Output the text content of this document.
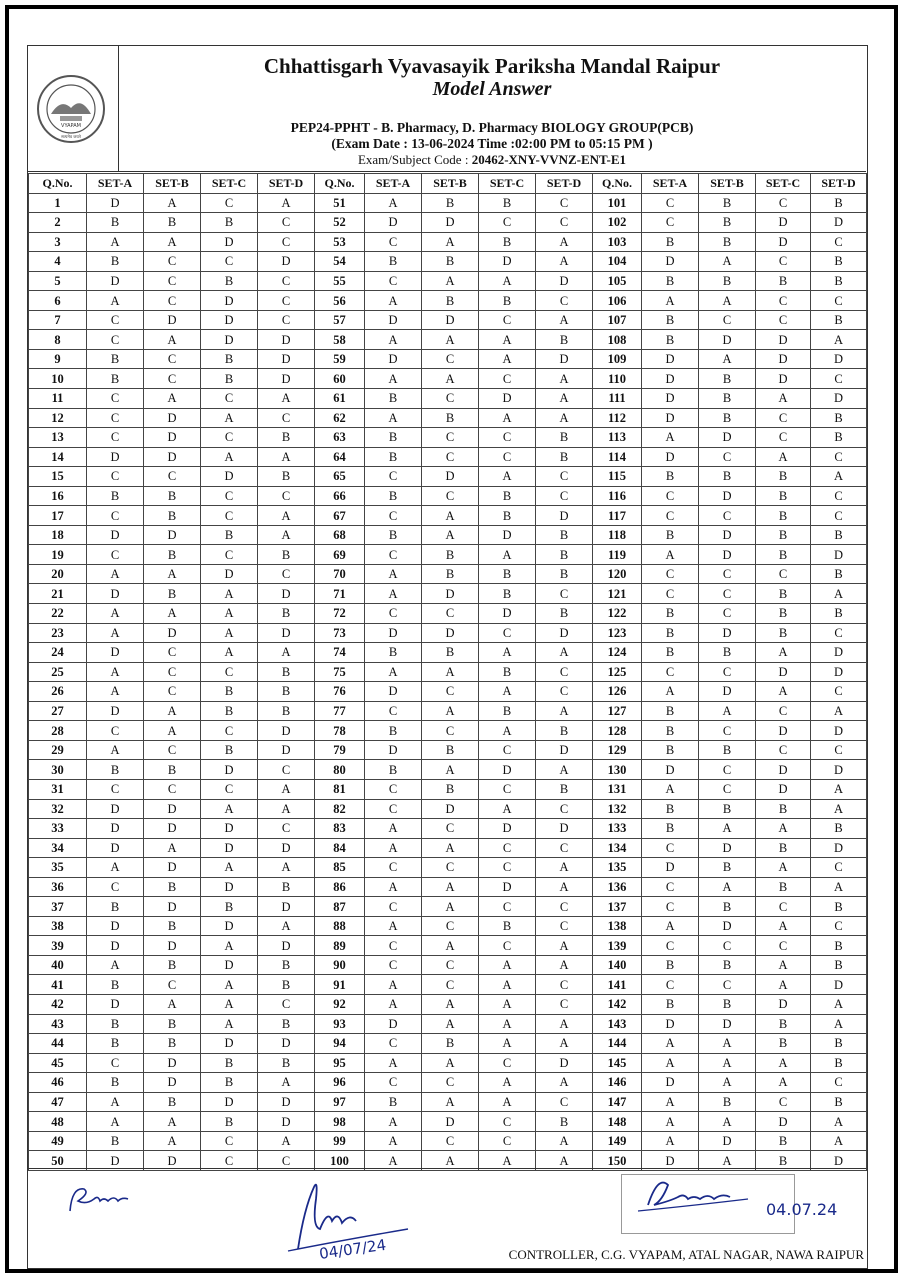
VYAPAM
सत्यमेव जयते
Chhattisgarh Vyavasayik Pariksha Mandal Raipur
Model Answer
PEP24-PPHT - B. Pharmacy, D. Pharmacy BIOLOGY GROUP(PCB)
(Exam Date : 13-06-2024 Time :02:00 PM to 05:15 PM )
Exam/Subject Code : 20462-XNY-VVNZ-ENT-E1
Q.No.	SET-A	SET-B	SET-C	SET-D	Q.No.	SET-A	SET-B	SET-C	SET-D	Q.No.	SET-A	SET-B	SET-C	SET-D
1	D	A	C	A	51	A	B	B	C	101	C	B	C	B
2	B	B	B	C	52	D	D	C	C	102	C	B	D	D
3	A	A	D	C	53	C	A	B	A	103	B	B	D	C
4	B	C	C	D	54	B	B	D	A	104	D	A	C	B
5	D	C	B	C	55	C	A	A	D	105	B	B	B	B
6	A	C	D	C	56	A	B	B	C	106	A	A	C	C
7	C	D	D	C	57	D	D	C	A	107	B	C	C	B
8	C	A	D	D	58	A	A	A	B	108	B	D	D	A
9	B	C	B	D	59	D	C	A	D	109	D	A	D	D
10	B	C	B	D	60	A	A	C	A	110	D	B	D	C
11	C	A	C	A	61	B	C	D	A	111	D	B	A	D
12	C	D	A	C	62	A	B	A	A	112	D	B	C	B
13	C	D	C	B	63	B	C	C	B	113	A	D	C	B
14	D	D	A	A	64	B	C	C	B	114	D	C	A	C
15	C	C	D	B	65	C	D	A	C	115	B	B	B	A
16	B	B	C	C	66	B	C	B	C	116	C	D	B	C
17	C	B	C	A	67	C	A	B	D	117	C	C	B	C
18	D	D	B	A	68	B	A	D	B	118	B	D	B	B
19	C	B	C	B	69	C	B	A	B	119	A	D	B	D
20	A	A	D	C	70	A	B	B	B	120	C	C	C	B
21	D	B	A	D	71	A	D	B	C	121	C	C	B	A
22	A	A	A	B	72	C	C	D	B	122	B	C	B	B
23	A	D	A	D	73	D	D	C	D	123	B	D	B	C
24	D	C	A	A	74	B	B	A	A	124	B	B	A	D
25	A	C	C	B	75	A	A	B	C	125	C	C	D	D
26	A	C	B	B	76	D	C	A	C	126	A	D	A	C
27	D	A	B	B	77	C	A	B	A	127	B	A	C	A
28	C	A	C	D	78	B	C	A	B	128	B	C	D	D
29	A	C	B	D	79	D	B	C	D	129	B	B	C	C
30	B	B	D	C	80	B	A	D	A	130	D	C	D	D
31	C	C	C	A	81	C	B	C	B	131	A	C	D	A
32	D	D	A	A	82	C	D	A	C	132	B	B	B	A
33	D	D	D	C	83	A	C	D	D	133	B	A	A	B
34	D	A	D	D	84	A	A	C	C	134	C	D	B	D
35	A	D	A	A	85	C	C	C	A	135	D	B	A	C
36	C	B	D	B	86	A	A	D	A	136	C	A	B	A
37	B	D	B	D	87	C	A	C	C	137	C	B	C	B
38	D	B	D	A	88	A	C	B	C	138	A	D	A	C
39	D	D	A	D	89	C	A	C	A	139	C	C	C	B
40	A	B	D	B	90	C	C	A	A	140	B	B	A	B
41	B	C	A	B	91	A	C	A	C	141	C	C	A	D
42	D	A	A	C	92	A	A	A	C	142	B	B	D	A
43	B	B	A	B	93	D	A	A	A	143	D	D	B	A
44	B	B	D	D	94	C	B	A	A	144	A	A	B	B
45	C	D	B	B	95	A	A	C	D	145	A	A	A	B
46	B	D	B	A	96	C	C	A	A	146	D	A	A	C
47	A	B	D	D	97	B	A	A	C	147	A	B	C	B
48	A	A	B	D	98	A	D	C	B	148	A	A	D	A
49	B	A	C	A	99	A	C	C	A	149	A	D	B	A
50	D	D	C	C	100	A	A	A	A	150	D	A	B	D
04/07/24
04.07.24
CONTROLLER, C.G. VYAPAM, ATAL NAGAR, NAWA RAIPUR
